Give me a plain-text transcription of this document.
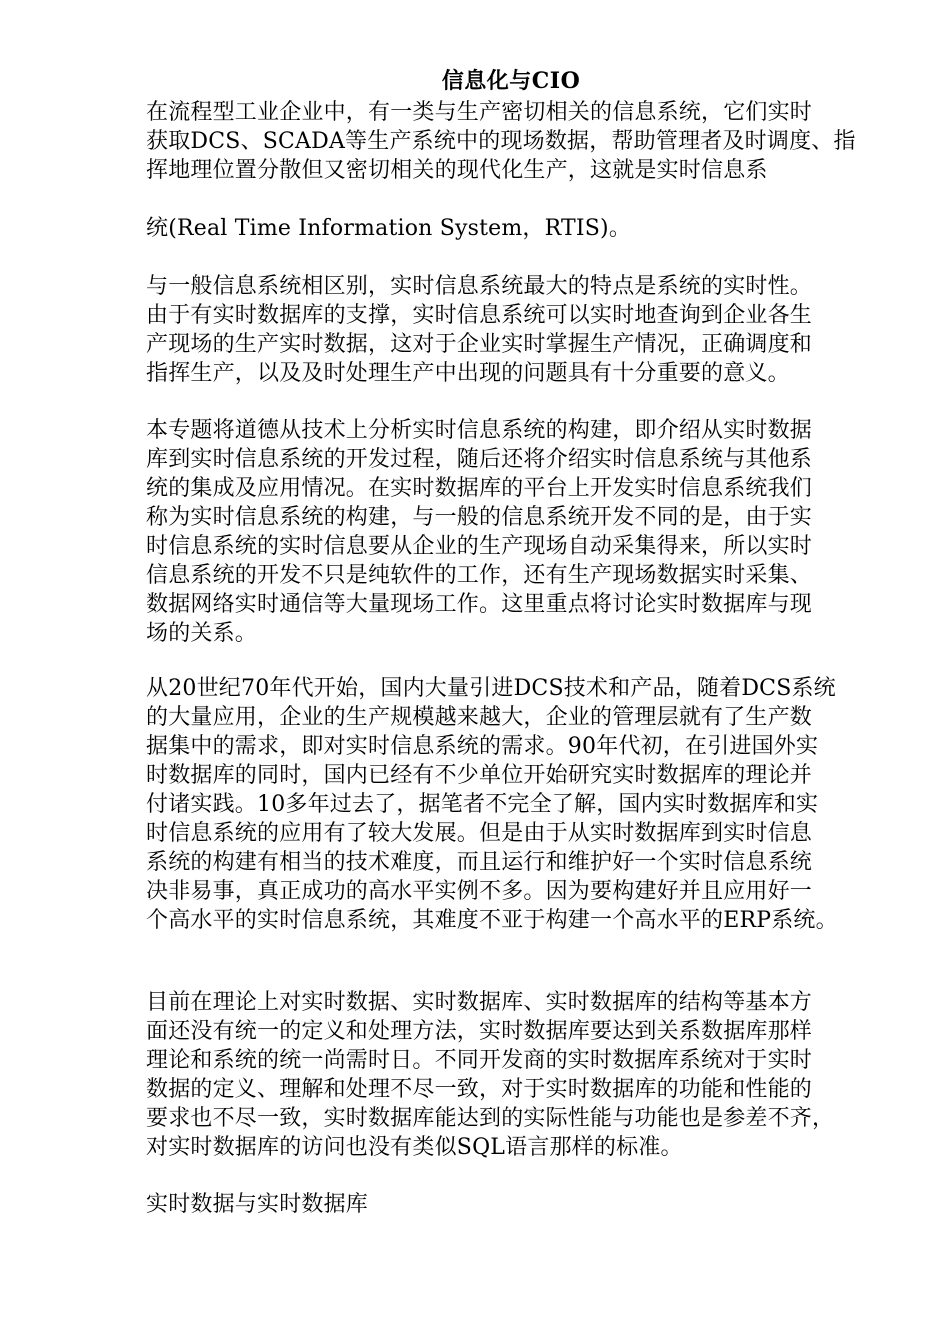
信息化与CIO
在流程型工业企业中，有一类与生产密切相关的信息系统，它们实时
获取DCS、SCADA等生产系统中的现场数据，帮助管理者及时调度、指
挥地理位置分散但又密切相关的现代化生产，这就是实时信息系
统(Real Time Information System，RTIS)。
与一般信息系统相区别，实时信息系统最大的特点是系统的实时性。
由于有实时数据库的支撑，实时信息系统可以实时地查询到企业各生
产现场的生产实时数据，这对于企业实时掌握生产情况，正确调度和
指挥生产，以及及时处理生产中出现的问题具有十分重要的意义。
本专题将道德从技术上分析实时信息系统的构建，即介绍从实时数据
库到实时信息系统的开发过程，随后还将介绍实时信息系统与其他系
统的集成及应用情况。在实时数据库的平台上开发实时信息系统我们
称为实时信息系统的构建，与一般的信息系统开发不同的是，由于实
时信息系统的实时信息要从企业的生产现场自动采集得来，所以实时
信息系统的开发不只是纯软件的工作，还有生产现场数据实时采集、
数据网络实时通信等大量现场工作。这里重点将讨论实时数据库与现
场的关系。
从20世纪70年代开始，国内大量引进DCS技术和产品，随着DCS系统
的大量应用，企业的生产规模越来越大，企业的管理层就有了生产数
据集中的需求，即对实时信息系统的需求。90年代初，在引进国外实
时数据库的同时，国内已经有不少单位开始研究实时数据库的理论并
付诸实践。10多年过去了，据笔者不完全了解，国内实时数据库和实
时信息系统的应用有了较大发展。但是由于从实时数据库到实时信息
系统的构建有相当的技术难度，而且运行和维护好一个实时信息系统
决非易事，真正成功的高水平实例不多。因为要构建好并且应用好一
个高水平的实时信息系统，其难度不亚于构建一个高水平的ERP系统。
目前在理论上对实时数据、实时数据库、实时数据库的结构等基本方
面还没有统一的定义和处理方法，实时数据库要达到关系数据库那样
理论和系统的统一尚需时日。不同开发商的实时数据库系统对于实时
数据的定义、理解和处理不尽一致，对于实时数据库的功能和性能的
要求也不尽一致，实时数据库能达到的实际性能与功能也是参差不齐，
对实时数据库的访问也没有类似SQL语言那样的标准。
实时数据与实时数据库
